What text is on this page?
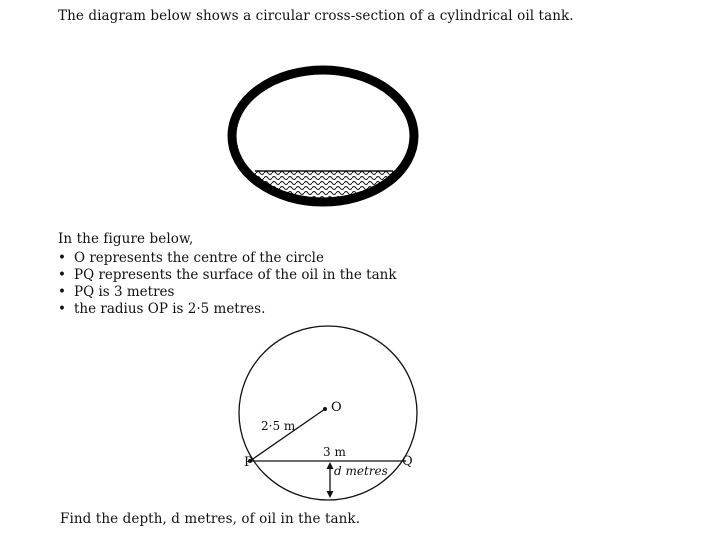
The diagram below shows a circular cross-section of a cylindrical oil tank.
O
P	Q
2·5 m
3 m
d metres
In the figure below,
• O represents the centre of the circle
• PQ represents the surface of the oil in the tank
• PQ is 3 metres
• the radius OP is 2·5 metres.
Find the depth, d metres, of oil in the tank.
